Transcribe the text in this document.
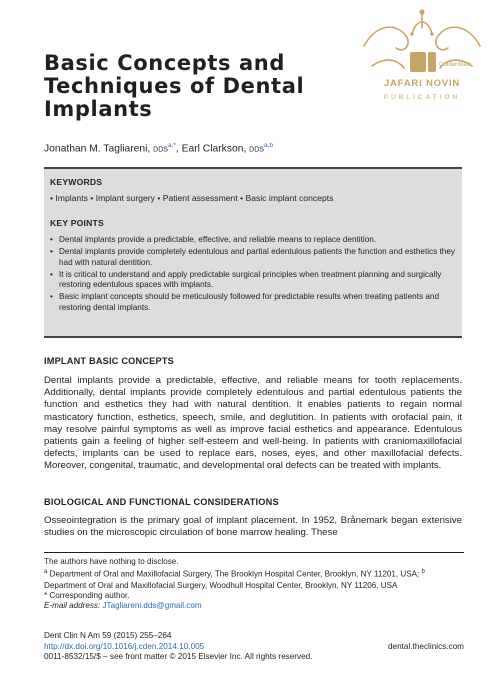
Basic Concepts and Techniques of Dental Implants
GoldenMark
JAFARI NOVIN
PUBLICATION
Jonathan M. Tagliareni, $DDS^{a,*}$, Earl Clarkson, DDS$^{a,b}$
KEYWORDS
• Implants • Implant surgery • Patient assessment • Basic implant concepts
KEY POINTS
• Dental implants provide a predictable, effective, and reliable means to replace dentition.
• Dental implants provide completely edentulous and partial edentulous patients the function and esthetics they had with natural dentition.
• It is critical to understand and apply predictable surgical principles when treatment planning and surgically restoring edentulous spaces with implants.
• Basic implant concepts should be meticulously followed for predictable results when treating patients and restoring dental implants.
IMPLANT BASIC CONCEPTS

Dental implants provide a predictable, effective, and reliable means for tooth replacements. Additionally, dental implants provide completely edentulous and partial edentulous patients the function and esthetics they had with natural dentition. It enables patients to regain normal masticatory function, esthetics, speech, smile, and deglutition. In patients with orofacial pain, it may resolve painful symptoms as well as improve facial esthetics and appearance. Edentulous patients gain a feeling of higher self-esteem and well-being. In patients with craniomaxillofacial defects, implants can be used to replace ears, noses, eyes, and other maxillofacial defects. Moreover, congenital, traumatic, and developmental oral defects can be treated with implants.

BIOLOGICAL AND FUNCTIONAL CONSIDERATIONS

Osseointegration is the primary goal of implant placement. In 1952, Brånemark began extensive studies on the microscopic circulation of bone marrow healing. These

The authors have nothing to disclose.

$^a$ Department of Oral and Maxillofacial Surgery, The Brooklyn Hospital Center, Brooklyn, NY 11201, USA; $^b$ Department of Oral and Maxillofacial Surgery, Woodhull Hospital Center, Brooklyn, NY 11206, USA

* Corresponding author.

E-mail address: JTagliareni.dds@gmail.com

Dent Clin N Am 59 (2015) 255–264
http://dx.doi.org/10.1016/j.cden.2014.10.005
0011-8532/15/$ – see front matter © 2015 Elsevier Inc. All rights reserved.
dental.theclinics.com
